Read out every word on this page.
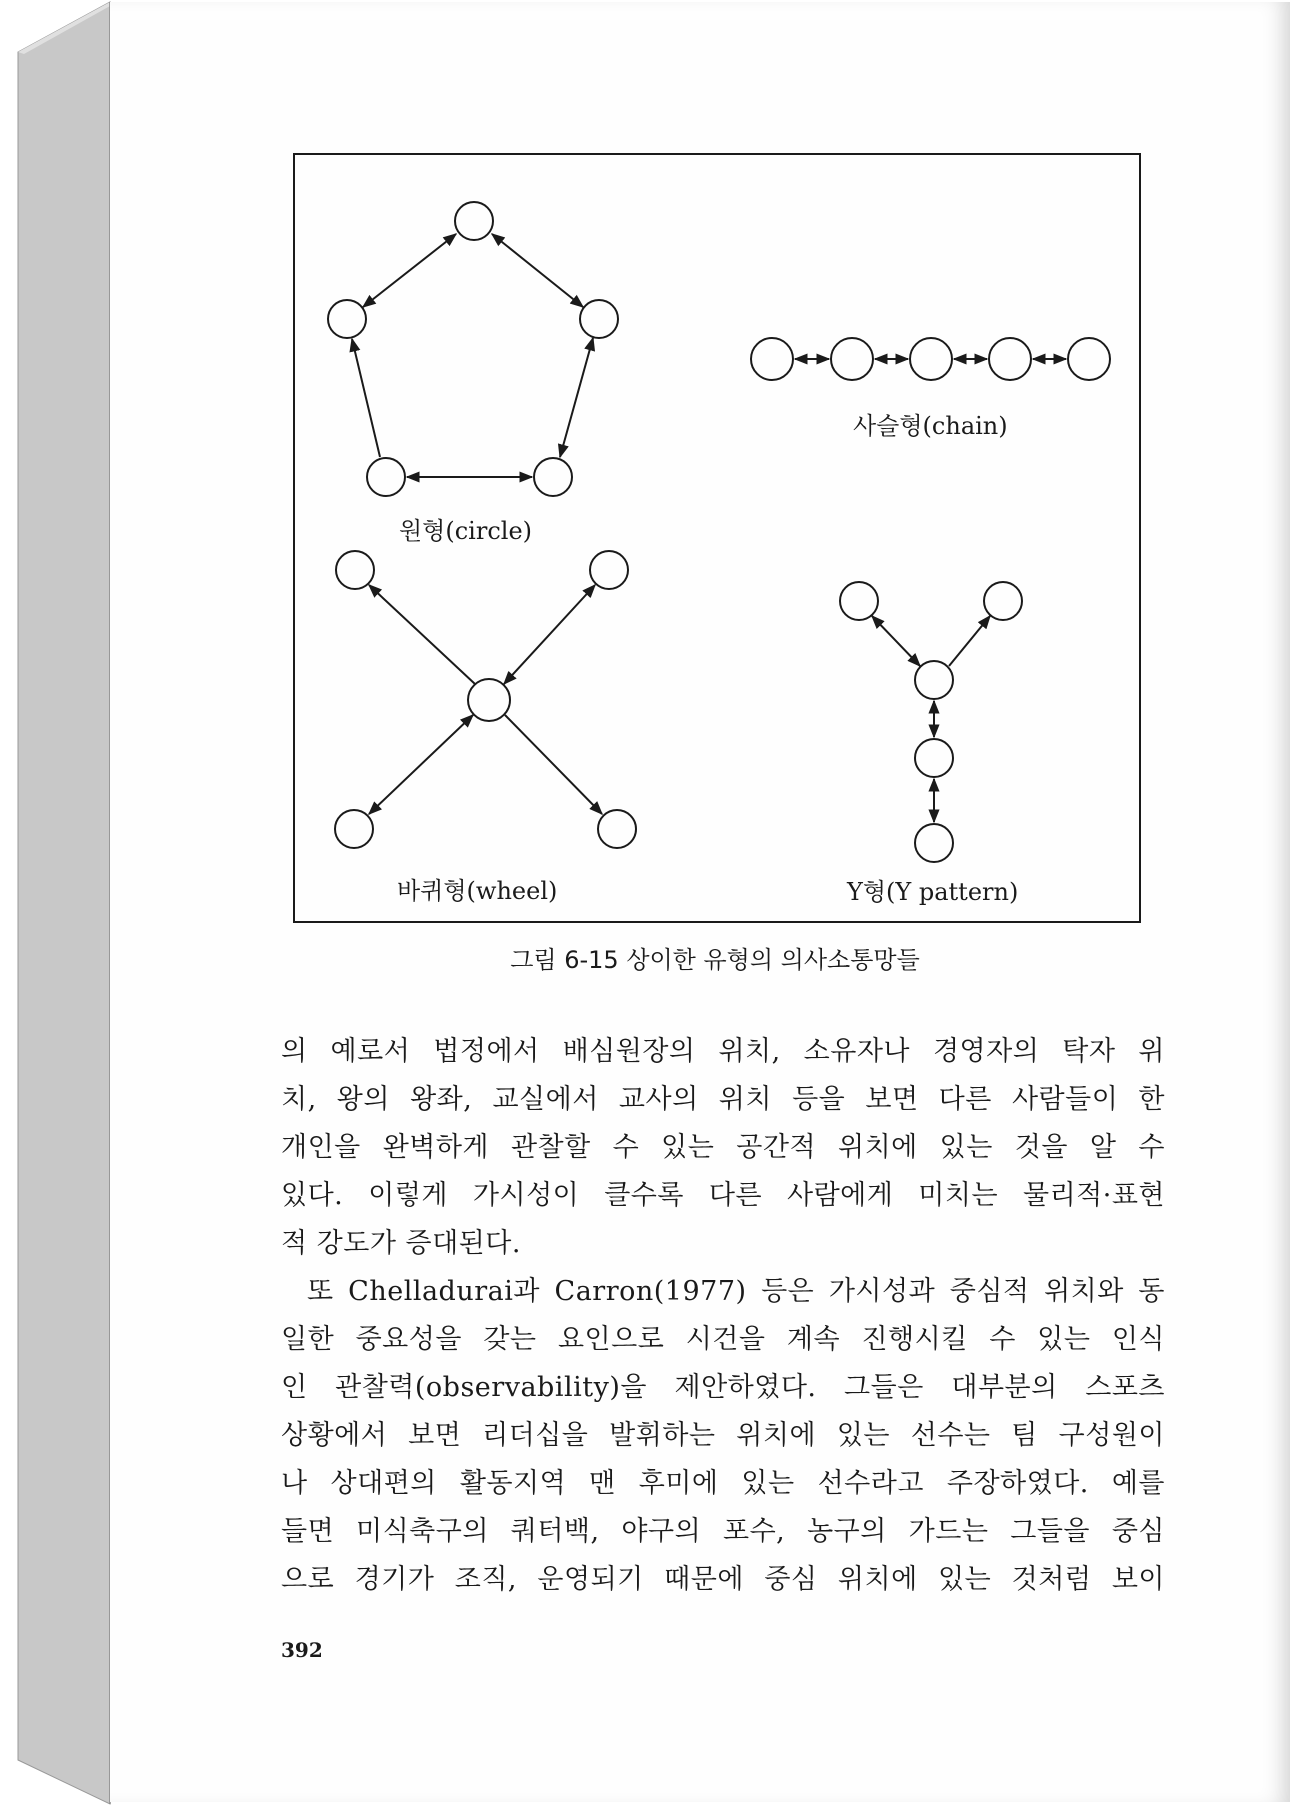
원형(circle)
사슬형(chain)
바퀴형(wheel)	Y형(Y pattern)
그림 6-15 상이한 유형의 의사소통망들
의 예로서 법정에서 배심원장의 위치, 소유자나 경영자의 탁자 위
치, 왕의 왕좌, 교실에서 교사의 위치 등을 보면 다른 사람들이 한
개인을 완벽하게 관찰할 수 있는 공간적 위치에 있는 것을 알 수
있다. 이렇게 가시성이 클수록 다른 사람에게 미치는 물리적·표현
적 강도가 증대된다.
또 Chelladurai과 Carron(1977) 등은 가시성과 중심적 위치와 동
일한 중요성을 갖는 요인으로 시건을 계속 진행시킬 수 있는 인식
인 관찰력(observability)을 제안하였다. 그들은 대부분의 스포츠
상황에서 보면 리더십을 발휘하는 위치에 있는 선수는 팀 구성원이
나 상대편의 활동지역 맨 후미에 있는 선수라고 주장하였다. 예를
들면 미식축구의 쿼터백, 야구의 포수, 농구의 가드는 그들을 중심
으로 경기가 조직, 운영되기 때문에 중심 위치에 있는 것처럼 보이
392
